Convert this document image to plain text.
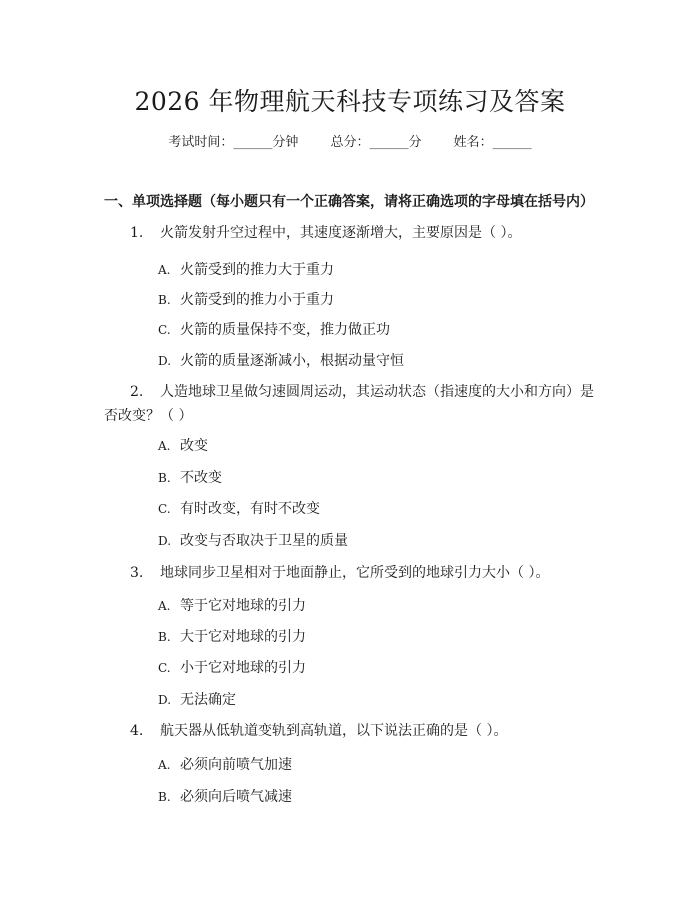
2026 年物理航天科技专项练习及答案
考试时间：______分钟 总分：______分 姓名：______
一、单项选择题（每小题只有一个正确答案，请将正确选项的字母填在括号内）
1. 火箭发射升空过程中，其速度逐渐增大，主要原因是（ ）。
A. 火箭受到的推力大于重力
B. 火箭受到的推力小于重力
C. 火箭的质量保持不变，推力做正功
D. 火箭的质量逐渐减小，根据动量守恒
2. 人造地球卫星做匀速圆周运动，其运动状态（指速度的大小和方向）是否改变？（ ）
A. 改变
B. 不改变
C. 有时改变，有时不改变
D. 改变与否取决于卫星的质量
3. 地球同步卫星相对于地面静止，它所受到的地球引力大小（ ）。
A. 等于它对地球的引力
B. 大于它对地球的引力
C. 小于它对地球的引力
D. 无法确定
4. 航天器从低轨道变轨到高轨道，以下说法正确的是（ ）。
A. 必须向前喷气加速
B. 必须向后喷气减速
